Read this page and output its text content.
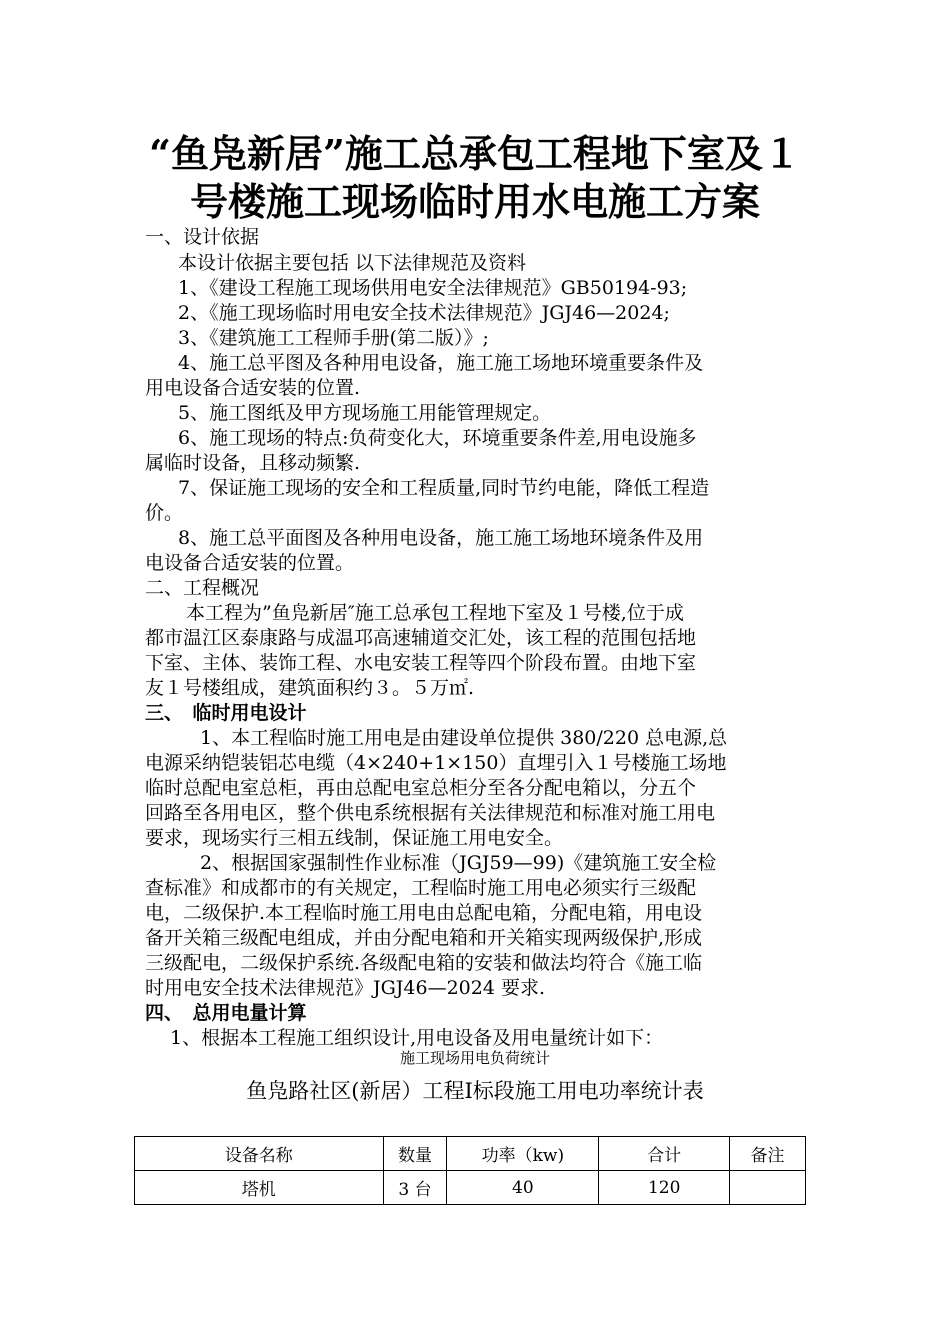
“鱼凫新居”施工总承包工程地下室及１
号楼施工现场临时用水电施工方案
一、设计依据
本设计依据主要包括 以下法律规范及资料
1、《建设工程施工现场供用电安全法律规范》GB50194-93;
2、《施工现场临时用电安全技术法律规范》JGJ46—2024;
3、《建筑施工工程师手册(第二版）》;
4、施工总平图及各种用电设备，施工施工场地环境重要条件及
用电设备合适安装的位置.
5、施工图纸及甲方现场施工用能管理规定。
6、施工现场的特点:负荷变化大，环境重要条件差,用电设施多
属临时设备，且移动频繁.
7、保证施工现场的安全和工程质量,同时节约电能，降低工程造
价。
8、施工总平面图及各种用电设备，施工施工场地环境条件及用
电设备合适安装的位置。
二、工程概况
本工程为”鱼凫新居″施工总承包工程地下室及１号楼,位于成
都市温江区泰康路与成温邛高速辅道交汇处，该工程的范围包括地
下室、主体、装饰工程、水电安装工程等四个阶段布置。由地下室
友１号楼组成，建筑面积约３。５万㎡.
三、　临时用电设计
1、本工程临时施工用电是由建设单位提供 380/220 总电源,总
电源采纳铠装铝芯电缆（4×240+1×150）直埋引入１号楼施工场地
临时总配电室总柜，再由总配电室总柜分至各分配电箱以，分五个
回路至各用电区，整个供电系统根据有关法律规范和标准对施工用电
要求，现场实行三相五线制，保证施工用电安全。
2、根据国家强制性作业标准（JGJ59—99)《建筑施工安全检
查标准》和成都市的有关规定，工程临时施工用电必须实行三级配
电，二级保护.本工程临时施工用电由总配电箱，分配电箱，用电设
备开关箱三级配电组成，并由分配电箱和开关箱实现两级保护,形成
三级配电，二级保护系统.各级配电箱的安装和做法均符合《施工临
时用电安全技术法律规范》JGJ46—2024 要求.
四、　总用电量计算
1、根据本工程施工组织设计,用电设备及用电量统计如下：
施工现场用电负荷统计
鱼凫路社区(新居）工程Ⅰ标段施工用电功率统计表
设备名称	数量	功率（kw)	合计	备注
塔机	3 台	40	120	
